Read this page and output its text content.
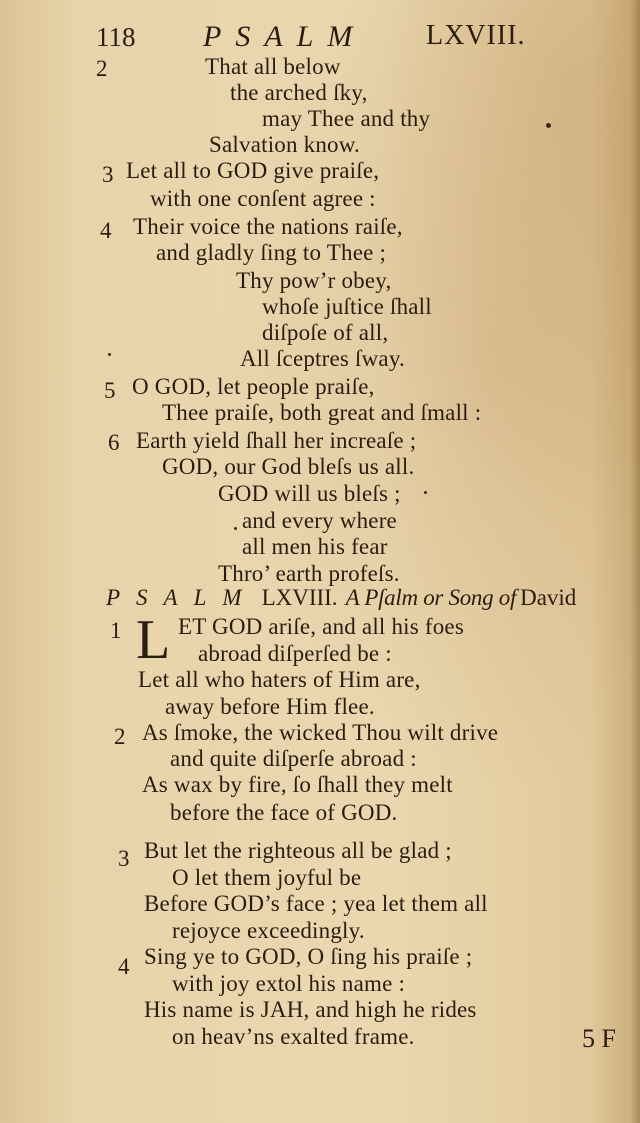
118 PSALM LXVIII.
2	That all below
the arched ſky,
may Thee and thy
Salvation know.
3 Let all to GOD give praiſe,
with one conſent agree :
4 Their voice the nations raiſe,
and gladly ſing to Thee ;
Thy pow’r obey,
whoſe juſtice ſhall
diſpoſe of all,
All ſceptres ſway.
5 O GOD, let people praiſe,
Thee praiſe, both great and ſmall :
6 Earth yield ſhall her increaſe ;
GOD, our God bleſs us all.
GOD will us bleſs ;
and every where
all men his fear
Thro’ earth profeſs.
PSALM LXVIII. A Pſalm or Song of David
1 L ET GOD ariſe, and all his foes
abroad diſperſed be :
Let all who haters of Him are,
away before Him flee.
2 As ſmoke, the wicked Thou wilt drive
and quite diſperſe abroad :
As wax by fire, ſo ſhall they melt
before the face of GOD.
3 But let the righteous all be glad ;
O let them joyful be
Before GOD’s face ; yea let them all
rejoyce exceedingly.
4 Sing ye to GOD, O ſing his praiſe ;
with joy extol his name :
His name is JAH, and high he rides
on heav’ns exalted frame.	5 F
